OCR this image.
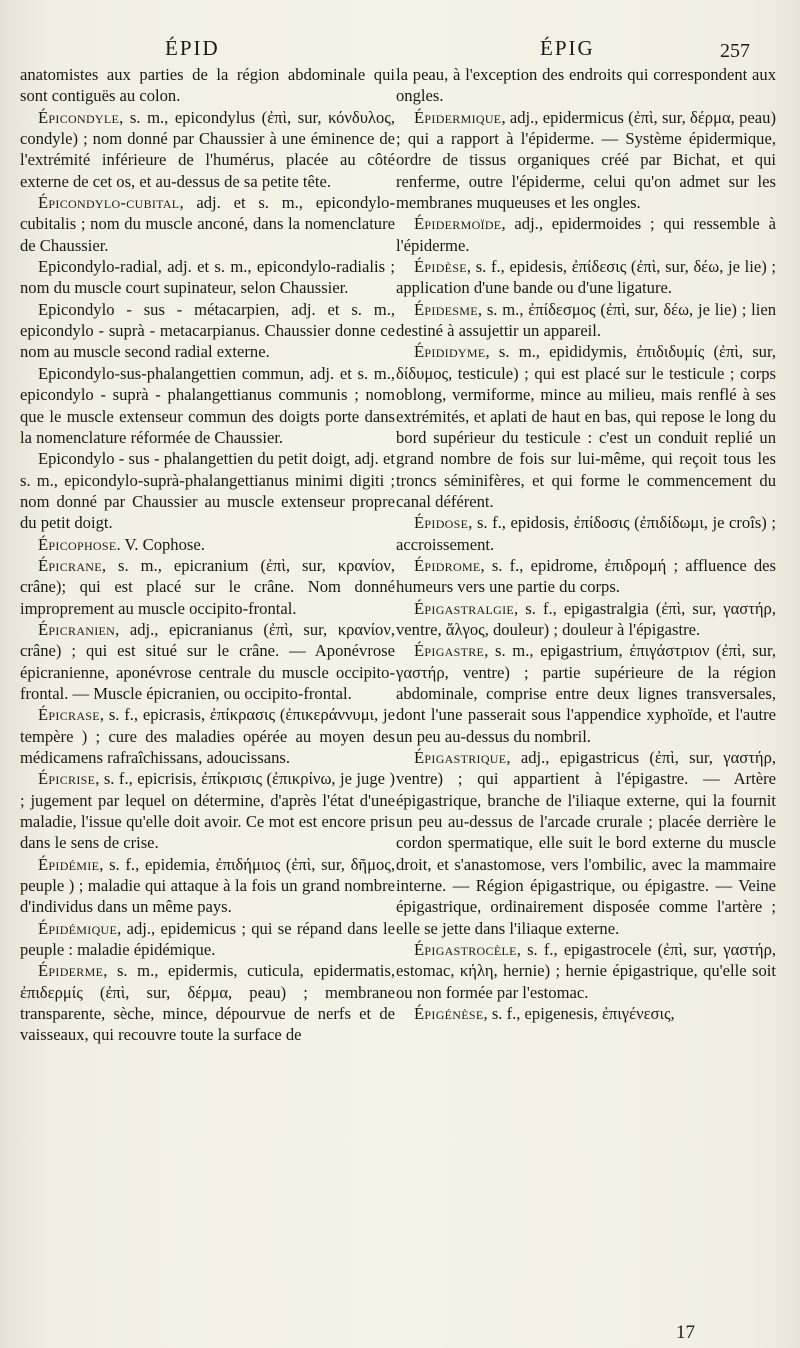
ÉPID	ÉPIG	257

anatomistes aux parties de la région abdominale qui sont contiguës au colon.

Épicondyle, s. m., epicondylus (ἐπὶ, sur, κόνδυλος, condyle) ; nom donné par Chaussier à une éminence de l'extrémité inférieure de l'humérus, placée au côté externe de cet os, et au-dessus de sa petite tête.

Épicondylo-cubital, adj. et s. m., epicondylo-cubitalis ; nom du muscle anconé, dans la nomenclature de Chaussier.

Epicondylo-radial, adj. et s. m., epicondylo-radialis ; nom du muscle court supinateur, selon Chaussier.

Epicondylo - sus - métacarpien, adj. et s. m., epicondylo - suprà - metacarpianus. Chaussier donne ce nom au muscle second radial externe.

Epicondylo-sus-phalangettien commun, adj. et s. m., epicondylo - suprà - phalangettianus communis ; nom que le muscle extenseur commun des doigts porte dans la nomenclature réformée de Chaussier.

Epicondylo - sus - phalangettien du petit doigt, adj. et s. m., epicondylo-suprà-phalangettianus minimi digiti ; nom donné par Chaussier au muscle extenseur propre du petit doigt.

Épicophose. V. Cophose.

Épicrane, s. m., epicranium (ἐπὶ, sur, κρανίον, crâne); qui est placé sur le crâne. Nom donné improprement au muscle occipito-frontal.

Épicranien, adj., epicranianus (ἐπὶ, sur, κρανίον, crâne) ; qui est situé sur le crâne. — Aponévrose épicranienne, aponévrose centrale du muscle occipito-frontal. — Muscle épicranien, ou occipito-frontal.

Épicrase, s. f., epicrasis, ἐπίκρασις (ἐπικεράννυμι, je tempère ) ; cure des maladies opérée au moyen des médicamens rafraîchissans, adoucissans.

Épicrise, s. f., epicrisis, ἐπίκρισις (ἐπικρίνω, je juge ) ; jugement par lequel on détermine, d'après l'état d'une maladie, l'issue qu'elle doit avoir. Ce mot est encore pris dans le sens de crise.

Épidémie, s. f., epidemia, ἐπιδήμιος (ἐπὶ, sur, δῆμος, peuple ) ; maladie qui attaque à la fois un grand nombre d'individus dans un même pays.

Épidémique, adj., epidemicus ; qui se répand dans le peuple : maladie épidémique.

Épiderme, s. m., epidermis, cuticula, epidermatis, ἐπιδερμίς (ἐπὶ, sur, δέρμα, peau) ; membrane transparente, sèche, mince, dépourvue de nerfs et de vaisseaux, qui recouvre toute la surface de

la peau, à l'exception des endroits qui correspondent aux ongles.

Épidermique, adj., epidermicus (ἐπὶ, sur, δέρμα, peau) ; qui a rapport à l'épiderme. — Système épidermique, ordre de tissus organiques créé par Bichat, et qui renferme, outre l'épiderme, celui qu'on admet sur les membranes muqueuses et les ongles.

Épidermoïde, adj., epidermoides ; qui ressemble à l'épiderme.

Épidèse, s. f., epidesis, ἐπίδεσις (ἐπὶ, sur, δέω, je lie) ; application d'une bande ou d'une ligature.

Épidesme, s. m., ἐπίδεσμος (ἐπὶ, sur, δέω, je lie) ; lien destiné à assujettir un appareil.

Épididyme, s. m., epididymis, ἐπιδιδυμίς (ἐπὶ, sur, δίδυμος, testicule) ; qui est placé sur le testicule ; corps oblong, vermiforme, mince au milieu, mais renflé à ses extrémités, et aplati de haut en bas, qui repose le long du bord supérieur du testicule : c'est un conduit replié un grand nombre de fois sur lui-même, qui reçoit tous les troncs séminifères, et qui forme le commencement du canal déférent.

Épidose, s. f., epidosis, ἐπίδοσις (ἐπιδίδωμι, je croîs) ; accroissement.

Épidrome, s. f., epidrome, ἐπιδρομή ; affluence des humeurs vers une partie du corps.

Épigastralgie, s. f., epigastralgia (ἐπὶ, sur, γαστήρ, ventre, ἄλγος, douleur) ; douleur à l'épigastre.

Épigastre, s. m., epigastrium, ἐπιγάστριον (ἐπὶ, sur, γαστήρ, ventre) ; partie supérieure de la région abdominale, comprise entre deux lignes transversales, dont l'une passerait sous l'appendice xyphoïde, et l'autre un peu au-dessus du nombril.

Épigastrique, adj., epigastricus (ἐπὶ, sur, γαστήρ, ventre) ; qui appartient à l'épigastre. — Artère épigastrique, branche de l'iliaque externe, qui la fournit un peu au-dessus de l'arcade crurale ; placée derrière le cordon spermatique, elle suit le bord externe du muscle droit, et s'anastomose, vers l'ombilic, avec la mammaire interne. — Région épigastrique, ou épigastre. — Veine épigastrique, ordinairement disposée comme l'artère ; elle se jette dans l'iliaque externe.

Épigastrocèle, s. f., epigastrocele (ἐπὶ, sur, γαστήρ, estomac, κήλη, hernie) ; hernie épigastrique, qu'elle soit ou non formée par l'estomac.

Épigénèse, s. f., epigenesis, ἐπιγένεσις,

17
